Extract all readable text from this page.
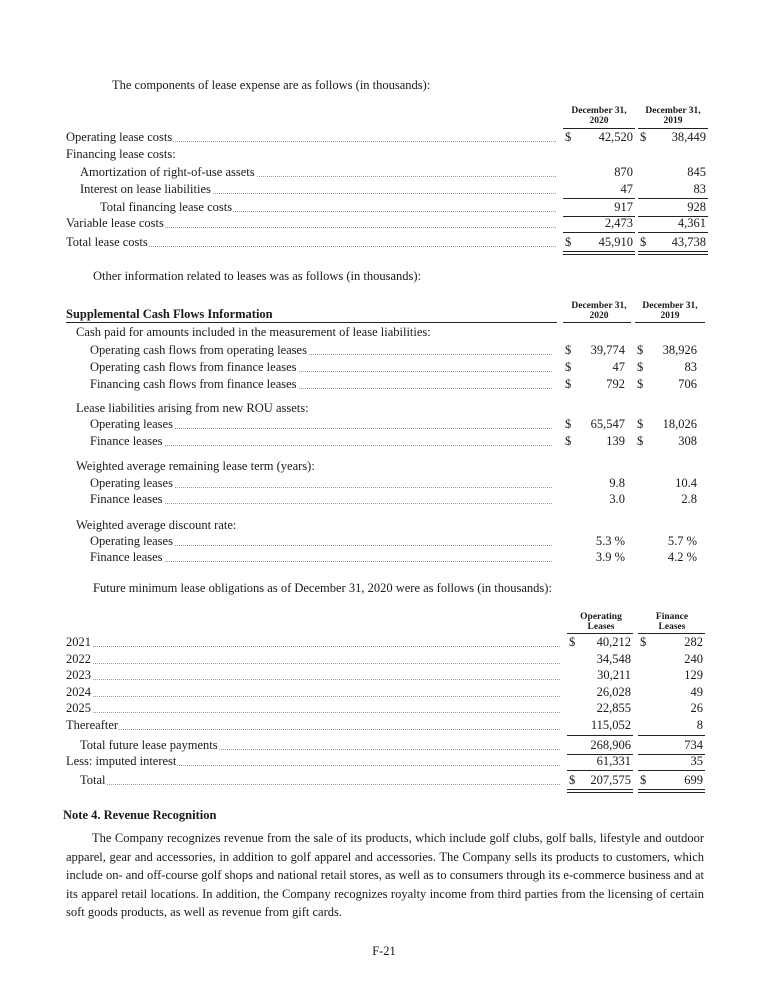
The components of lease expense are as follows (in thousands):
December 31,
2020
December 31,
2019
Operating lease costs	$ 42,520 $ 38,449
Financing lease costs:
Amortization of right-of-use assets	870	845
Interest on lease liabilities	47	83
Total financing lease costs	917	928
Variable lease costs	2,473	4,361
Total lease costs	$ 45,910 $ 43,738
Other information related to leases was as follows (in thousands):
Supplemental Cash Flows Information
December 31,
2020
December 31,
2019
Cash paid for amounts included in the measurement of lease liabilities:
Operating cash flows from operating leases	$ 39,774 $ 38,926
Operating cash flows from finance leases	$	47 $	83
Financing cash flows from finance leases	$	792 $	706
Lease liabilities arising from new ROU assets:
Operating leases	$ 65,547 $ 18,026
Finance leases	$	139 $	308
Weighted average remaining lease term (years):
Operating leases	9.8	10.4
Finance leases	3.0	2.8
Weighted average discount rate:
Operating leases	5.3 %	5.7 %
Finance leases	3.9 %	4.2 %
Future minimum lease obligations as of December 31, 2020 were as follows (in thousands):
Operating
Leases
Finance
Leases
2021	$ 40,212 $	282
2022	34,548	240
2023	30,211	129
2024	26,028	49
2025	22,855	26
Thereafter	115,052	8
Total future lease payments	268,906	734
Less: imputed interest	61,331	35
Total	$ 207,575 $	699
Note 4. Revenue Recognition
The Company recognizes revenue from the sale of its products, which include golf clubs, golf balls, lifestyle and outdoor apparel, gear and accessories, in addition to golf apparel and accessories. The Company sells its products to customers, which include on- and off-course golf shops and national retail stores, as well as to consumers through its e-commerce business and at its apparel retail locations. In addition, the Company recognizes royalty income from third parties from the licensing of certain soft goods products, as well as revenue from gift cards.
F-21
